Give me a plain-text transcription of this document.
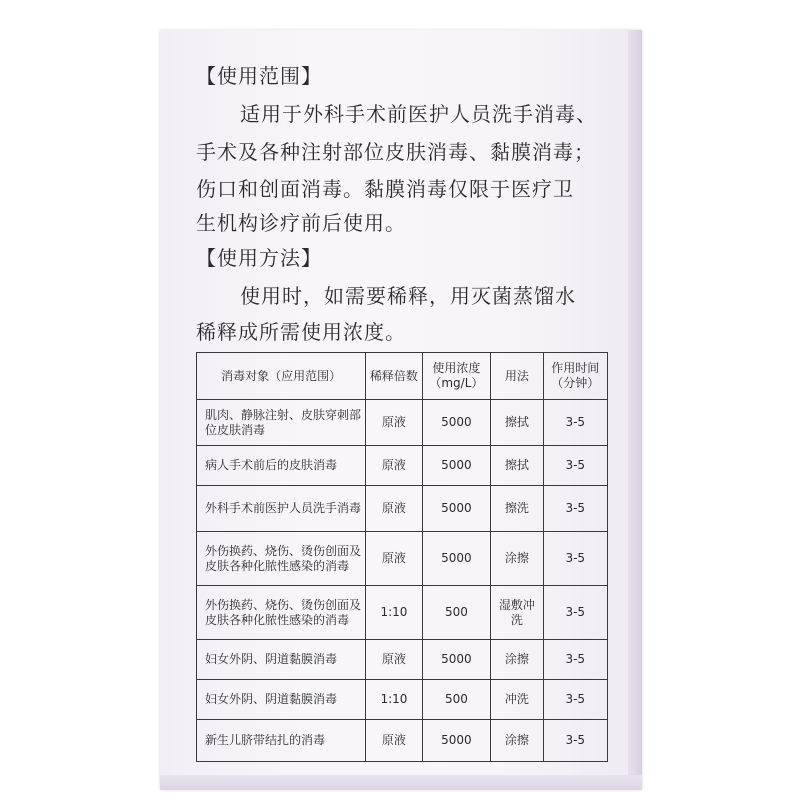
【使用范围】
适用于外科手术前医护人员洗手消毒、
手术及各种注射部位皮肤消毒、黏膜消毒；
伤口和创面消毒。黏膜消毒仅限于医疗卫
生机构诊疗前后使用。
【使用方法】
使用时，如需要稀释，用灭菌蒸馏水
稀释成所需使用浓度。
消毒对象（应用范围）	稀释倍数	使用浓度（mg/L）	用法	作用时间（分钟）
肌肉、静脉注射、皮肤穿刺部位皮肤消毒	原液	5000	擦拭	3-5
病人手术前后的皮肤消毒	原液	5000	擦拭	3-5
外科手术前医护人员洗手消毒	原液	5000	擦洗	3-5
外伤换药、烧伤、烫伤创面及皮肤各种化脓性感染的消毒	原液	5000	涂擦	3-5
外伤换药、烧伤、烫伤创面及皮肤各种化脓性感染的消毒	1:10	500	湿敷冲洗	3-5
妇女外阴、阴道黏膜消毒	原液	5000	涂擦	3-5
妇女外阴、阴道黏膜消毒	1:10	500	冲洗	3-5
新生儿脐带结扎的消毒	原液	5000	涂擦	3-5
